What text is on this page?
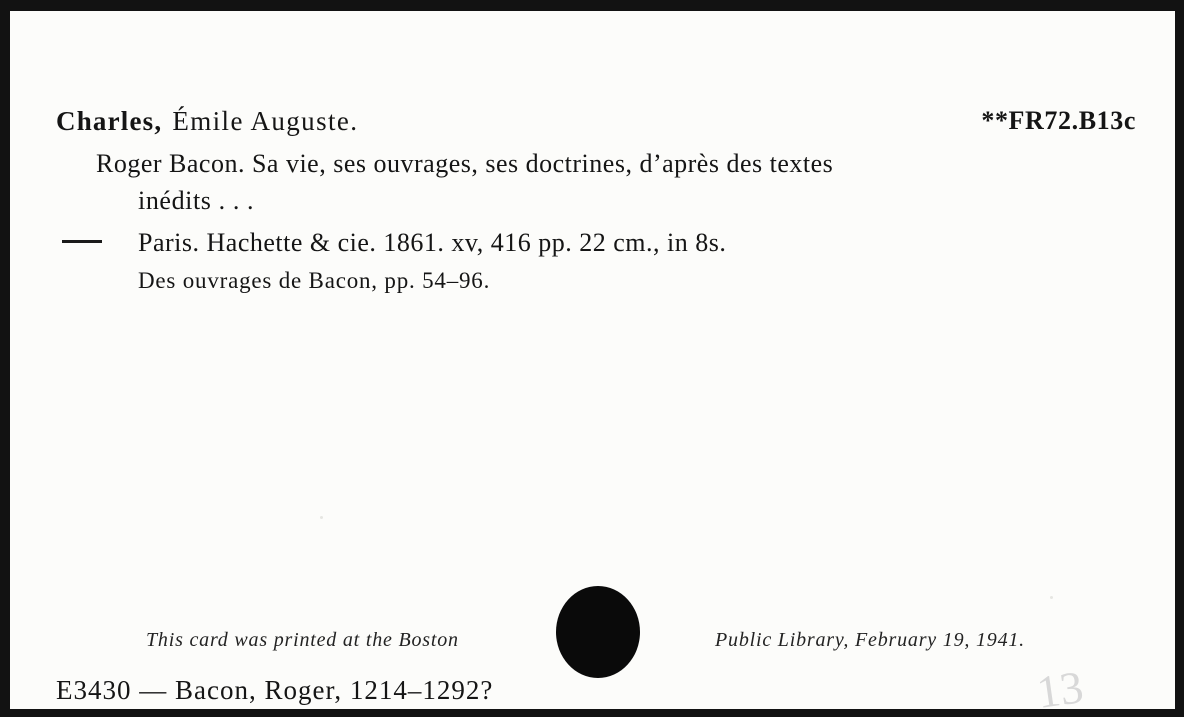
Charles, Émile Auguste.	**FR72.B13c
Roger Bacon. Sa vie, ses ouvrages, ses doctrines, d’après des textes
inédits . . .
Paris. Hachette & cie. 1861. xv, 416 pp. 22 cm., in 8s.
Des ouvrages de Bacon, pp. 54–96.
This card was printed at the Boston	Public Library, February 19, 1941.
E3430 — Bacon, Roger, 1214–1292?	13
